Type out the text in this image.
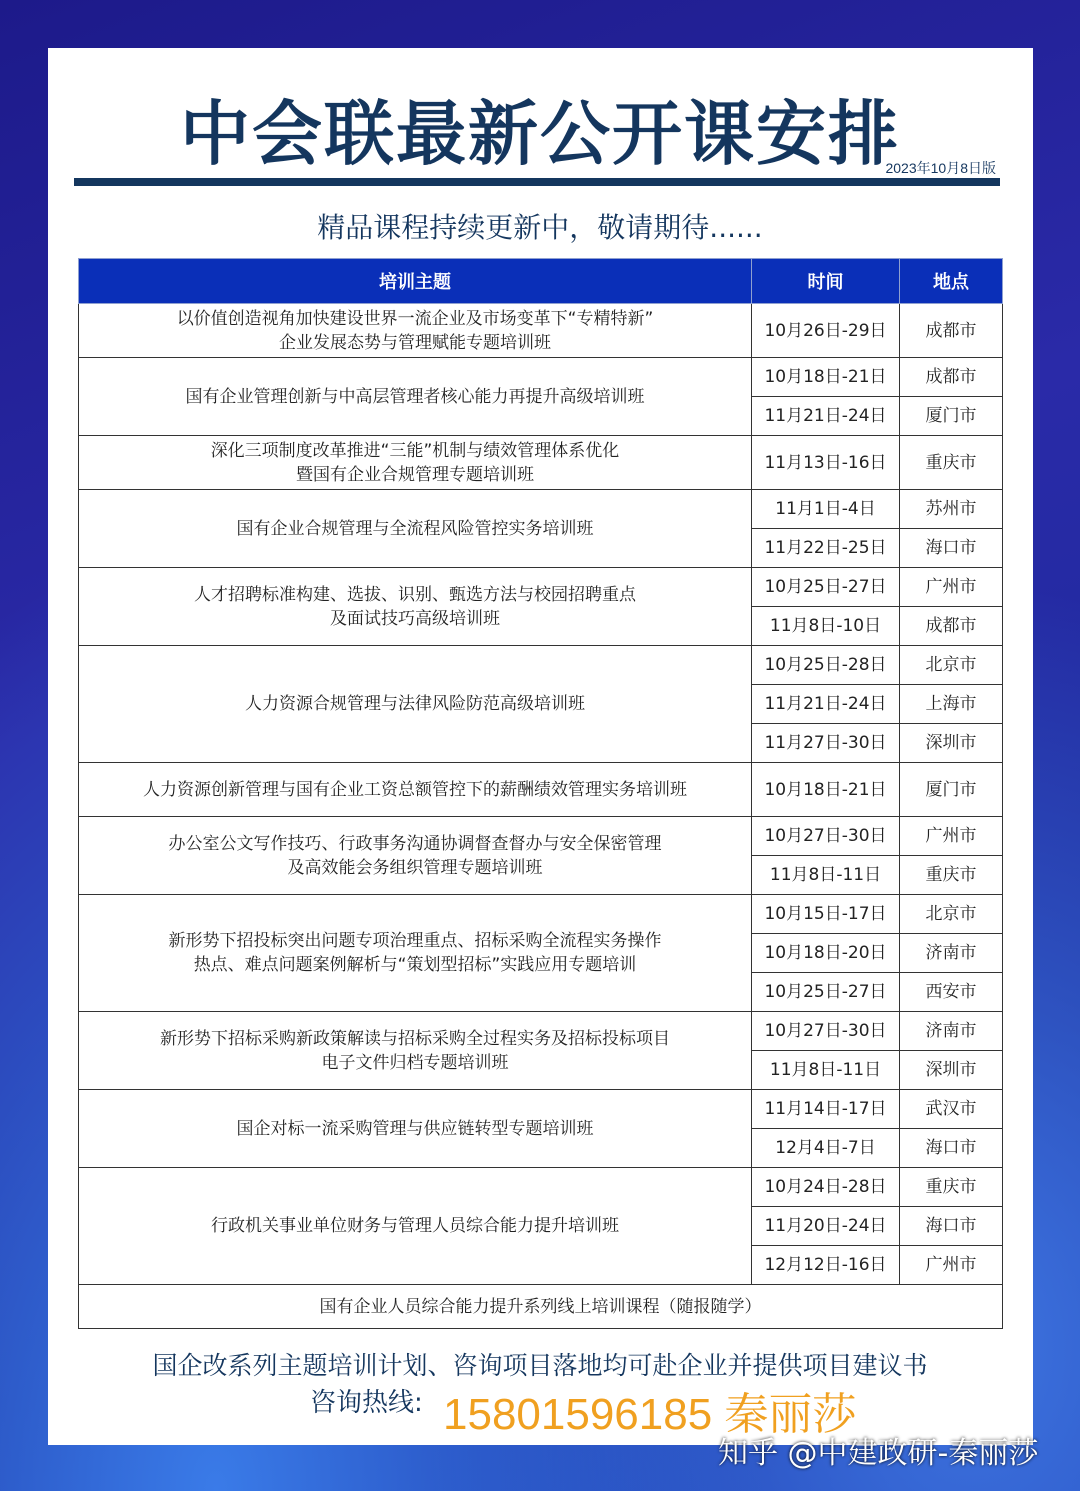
中会联最新公开课安排
2023年10月8日版
精品课程持续更新中，敬请期待......
培训主题	时间	地点

以价值创造视角加快建设世界一流企业及市场变革下“专精特新”
企业发展态势与管理赋能专题培训班	10月26日-29日	成都市

国有企业管理创新与中高层管理者核心能力再提升高级培训班	10月18日-21日	成都市
	11月21日-24日	厦门市

深化三项制度改革推进“三能”机制与绩效管理体系优化
暨国有企业合规管理专题培训班	11月13日-16日	重庆市

国有企业合规管理与全流程风险管控实务培训班	11月1日-4日	苏州市
	11月22日-25日	海口市

人才招聘标准构建、选拔、识别、甄选方法与校园招聘重点
及面试技巧高级培训班	10月25日-27日	广州市
	11月8日-10日	成都市

人力资源合规管理与法律风险防范高级培训班	10月25日-28日	北京市
	11月21日-24日	上海市
	11月27日-30日	深圳市

人力资源创新管理与国有企业工资总额管控下的薪酬绩效管理实务培训班	10月18日-21日	厦门市

办公室公文写作技巧、行政事务沟通协调督查督办与安全保密管理
及高效能会务组织管理专题培训班	10月27日-30日	广州市
	11月8日-11日	重庆市

新形势下招投标突出问题专项治理重点、招标采购全流程实务操作
热点、难点问题案例解析与“策划型招标”实践应用专题培训	10月15日-17日	北京市
	10月18日-20日	济南市
	10月25日-27日	西安市

新形势下招标采购新政策解读与招标采购全过程实务及招标投标项目
电子文件归档专题培训班	10月27日-30日	济南市
	11月8日-11日	深圳市

国企对标一流采购管理与供应链转型专题培训班	11月14日-17日	武汉市
	12月4日-7日	海口市

行政机关事业单位财务与管理人员综合能力提升培训班	10月24日-28日	重庆市
	11月20日-24日	海口市
	12月12日-16日	广州市
国有企业人员综合能力提升系列线上培训课程（随报随学）		
国企改系列主题培训计划、咨询项目落地均可赴企业并提供项目建议书
咨询热线: 15801596185 秦丽莎
知乎 @中建政研-秦丽莎
